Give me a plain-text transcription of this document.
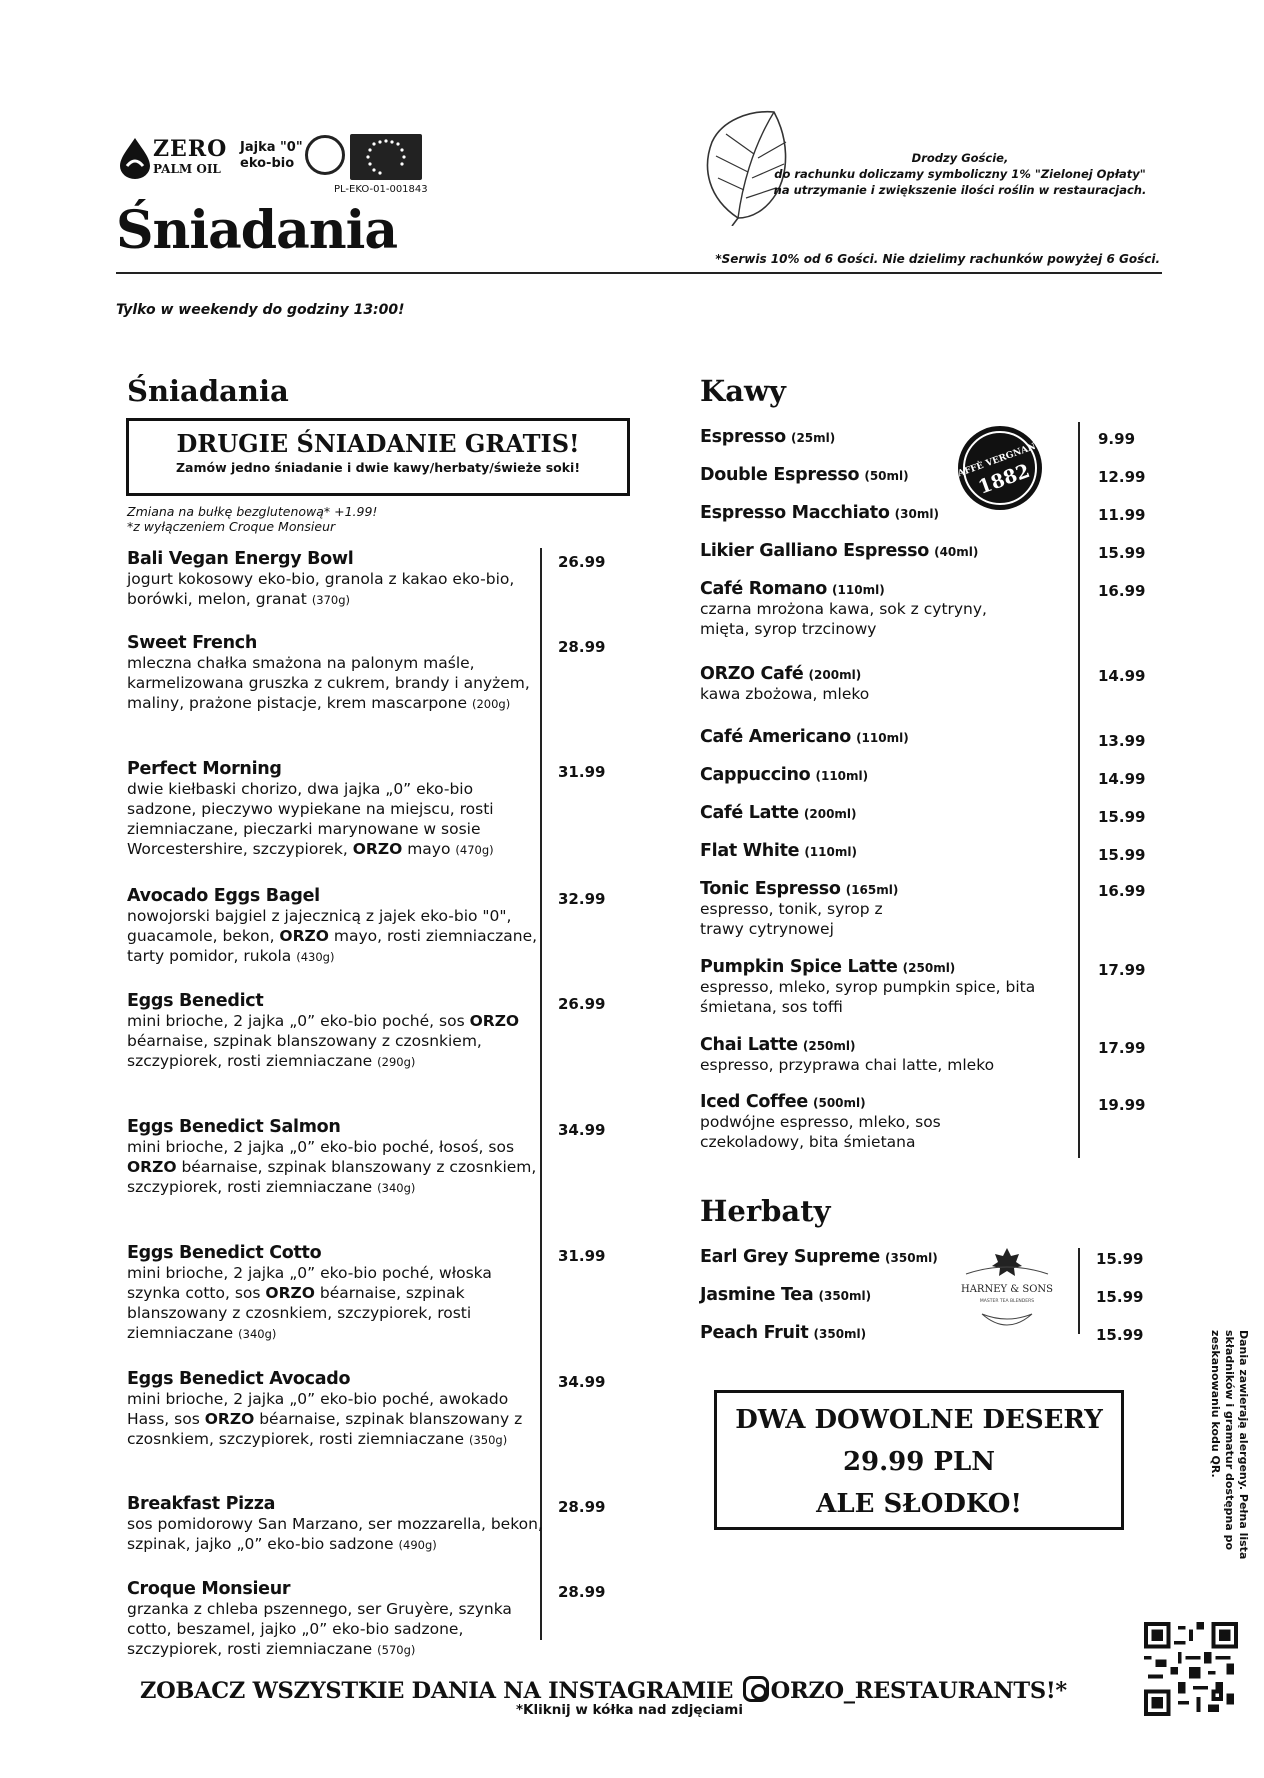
ZERO
PALM OIL
Jajka "0"
eko-bio
PL-EKO-01-001843
Śniadania
Drodzy Goście,
do rachunku doliczamy symboliczny 1% "Zielonej Opłaty"
na utrzymanie i zwiększenie ilości roślin w restauracjach.
*Serwis 10% od 6 Gości. Nie dzielimy rachunków powyżej 6 Gości.
Tylko w weekendy do godziny 13:00!
Śniadania
DRUGIE ŚNIADANIE GRATIS!
Zamów jedno śniadanie i dwie kawy/herbaty/świeże soki!
Zmiana na bułkę bezglutenową* +1.99!
*z wyłączeniem Croque Monsieur
Bali Vegan Energy Bowl
jogurt kokosowy eko-bio, granola z kakao eko-bio, borówki, melon, granat (370g)
26.99
Sweet French
mleczna chałka smażona na palonym maśle, karmelizowana gruszka z cukrem, brandy i anyżem, maliny, prażone pistacje, krem mascarpone (200g)
28.99
Perfect Morning
dwie kiełbaski chorizo, dwa jajka „0” eko-bio sadzone, pieczywo wypiekane na miejscu, rosti ziemniaczane, pieczarki marynowane w sosie Worcestershire, szczypiorek, ORZO mayo (470g)
31.99
Avocado Eggs Bagel
nowojorski bajgiel z jajecznicą z jajek eko-bio "0", guacamole, bekon, ORZO mayo, rosti ziemniaczane, tarty pomidor, rukola (430g)
32.99
Eggs Benedict
mini brioche, 2 jajka „0” eko-bio poché, sos ORZO béarnaise, szpinak blanszowany z czosnkiem, szczypiorek, rosti ziemniaczane (290g)
26.99
Eggs Benedict Salmon
mini brioche, 2 jajka „0” eko-bio poché, łosoś, sos ORZO béarnaise, szpinak blanszowany z czosnkiem, szczypiorek, rosti ziemniaczane (340g)
34.99
Eggs Benedict Cotto
mini brioche, 2 jajka „0” eko-bio poché, włoska szynka cotto, sos ORZO béarnaise, szpinak blanszowany z czosnkiem, szczypiorek, rosti ziemniaczane (340g)
31.99
Eggs Benedict Avocado
mini brioche, 2 jajka „0” eko-bio poché, awokado Hass, sos ORZO béarnaise, szpinak blanszowany z czosnkiem, szczypiorek, rosti ziemniaczane (350g)
34.99
Breakfast Pizza
sos pomidorowy San Marzano, ser mozzarella, bekon, szpinak, jajko „0” eko-bio sadzone (490g)
28.99
Croque Monsieur
grzanka z chleba pszennego, ser Gruyère, szynka cotto, beszamel, jajko „0” eko-bio sadzone, szczypiorek, rosti ziemniaczane (570g)
28.99
Kawy
CAFFÈ VERGNANO
1882
Espresso (25ml)	9.99
Double Espresso (50ml)	12.99
Espresso Macchiato (30ml)	11.99
Likier Galliano Espresso (40ml)	15.99
Café Romano (110ml)
czarna mrożona kawa, sok z cytryny, mięta, syrop trzcinowy
16.99
ORZO Café (200ml)
kawa zbożowa, mleko
14.99
Café Americano (110ml)	13.99
Cappuccino (110ml)	14.99
Café Latte (200ml)	15.99
Flat White (110ml)	15.99
Tonic Espresso (165ml)
espresso, tonik, syrop z trawy cytrynowej
16.99
Pumpkin Spice Latte (250ml)
espresso, mleko, syrop pumpkin spice, bita śmietana, sos toffi
17.99
Chai Latte (250ml)
espresso, przyprawa chai latte, mleko
17.99
Iced Coffee (500ml)
podwójne espresso, mleko, sos czekoladowy, bita śmietana
19.99
Herbaty
HARNEY & SONS
MASTER TEA BLENDERS
Earl Grey Supreme (350ml)	15.99
Jasmine Tea (350ml)	15.99
Peach Fruit (350ml)	15.99
DWA DOWOLNE DESERY
29.99 PLN
ALE SŁODKO!	Dania zawierają alergeny. Pełna lista składników i gramatur dostępna po zeskanowaniu kodu QR.
ZOBACZ WSZYSTKIE DANIA NA INSTAGRAMIE ORZO_RESTAURANTS!*
*Kliknij w kółka nad zdjęciami
